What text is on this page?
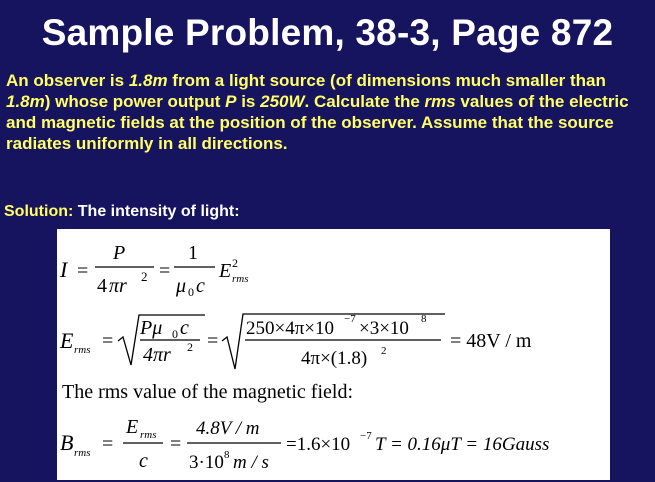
Sample Problem, 38-3, Page 872
An observer is 1.8m from a light source (of dimensions much smaller than 1.8m) whose power output P is 250W. Calculate the rms values of the electric and magnetic fields at the position of the observer. Assume that the source radiates uniformly in all directions.
Solution: The intensity of light:
I =
P
4 πr 2 =
1
μ 0 c
E 2
rms
E rms =
Pμ 0 c
4πr 2 =
250×4π×10 −7 ×3×10 8
4π×(1.8) 2	= 48V / m
The rms value of the magnetic field:
B rms =
E rms
c
=
4.8V / m
3·10 8 m / s
=1.6×10 −7 T = 0.16μT = 16Gauss
